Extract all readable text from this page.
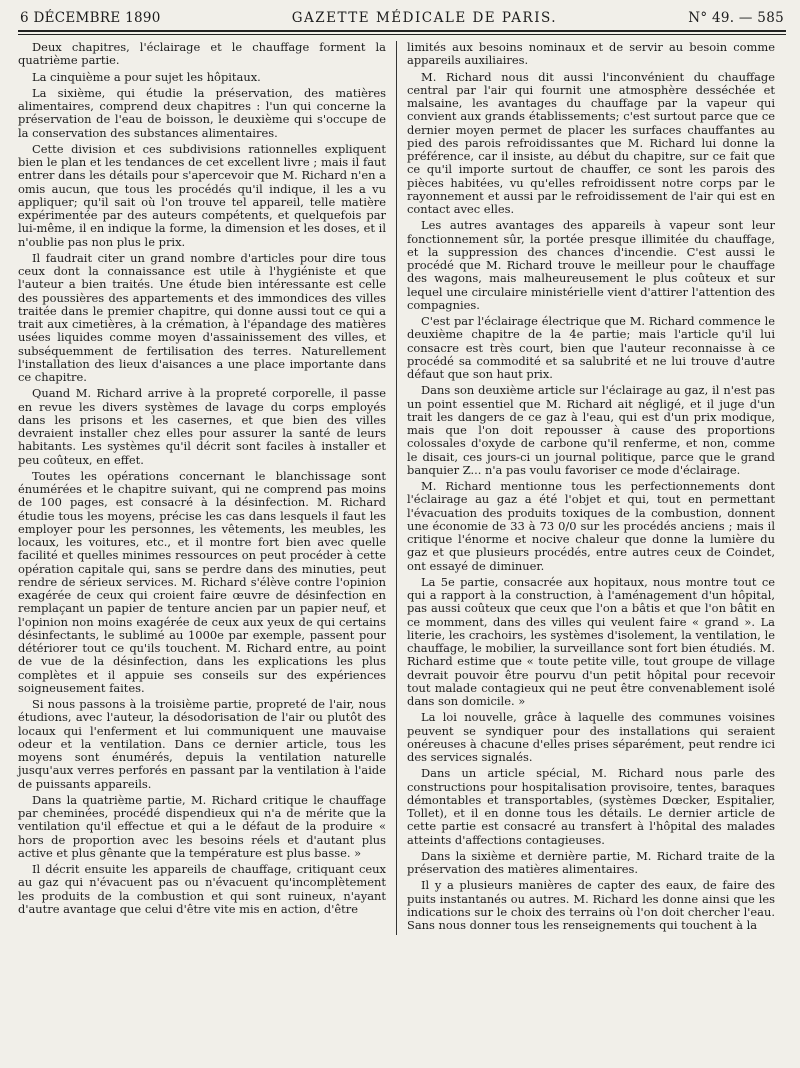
6 DÉCEMBRE 1890	GAZETTE MÉDICALE DE PARIS.	N° 49. — 585

Deux chapitres, l'éclairage et le chauffage forment la quatrième partie.

La cinquième a pour sujet les hôpitaux.

La sixième, qui étudie la préservation, des matières alimentaires, comprend deux chapitres : l'un qui concerne la préservation de l'eau de boisson, le deuxième qui s'occupe de la conservation des substances alimentaires.

Cette division et ces subdivisions rationnelles expliquent bien le plan et les tendances de cet excellent livre ; mais il faut entrer dans les détails pour s'apercevoir que M. Richard n'en a omis aucun, que tous les procédés qu'il indique, il les a vu appliquer; qu'il sait où l'on trouve tel appareil, telle matière expérimentée par des auteurs compétents, et quelquefois par lui-même, il en indique la forme, la dimension et les doses, et il n'oublie pas non plus le prix.

Il faudrait citer un grand nombre d'articles pour dire tous ceux dont la connaissance est utile à l'hygiéniste et que l'auteur a bien traités. Une étude bien intéressante est celle des poussières des appartements et des immondices des villes traitée dans le premier chapitre, qui donne aussi tout ce qui a trait aux cimetières, à la crémation, à l'épandage des matières usées liquides comme moyen d'assainissement des villes, et subséquemment de fertilisation des terres. Naturellement l'installation des lieux d'aisances a une place importante dans ce chapitre.

Quand M. Richard arrive à la propreté corporelle, il passe en revue les divers systèmes de lavage du corps employés dans les prisons et les casernes, et que bien des villes devraient installer chez elles pour assurer la santé de leurs habitants. Les systèmes qu'il décrit sont faciles à installer et peu coûteux, en effet.

Toutes les opérations concernant le blanchissage sont énumérées et le chapitre suivant, qui ne comprend pas moins de 100 pages, est consacré à la désinfection. M. Richard étudie tous les moyens, précise les cas dans lesquels il faut les employer pour les personnes, les vêtements, les meubles, les locaux, les voitures, etc., et il montre fort bien avec quelle facilité et quelles minimes ressources on peut procéder à cette opération capitale qui, sans se perdre dans des minuties, peut rendre de sérieux services. M. Richard s'élève contre l'opinion exagérée de ceux qui croient faire œuvre de désinfection en remplaçant un papier de tenture ancien par un papier neuf, et l'opinion non moins exagérée de ceux aux yeux de qui certains désinfectants, le sublimé au 1000e par exemple, passent pour détériorer tout ce qu'ils touchent. M. Richard entre, au point de vue de la désinfection, dans les explications les plus complètes et il appuie ses conseils sur des expériences soigneusement faites.

Si nous passons à la troisième partie, propreté de l'air, nous étudions, avec l'auteur, la désodorisation de l'air ou plutôt des locaux qui l'enferment et lui communiquent une mauvaise odeur et la ventilation. Dans ce dernier article, tous les moyens sont énumérés, depuis la ventilation naturelle jusqu'aux verres perforés en passant par la ventilation à l'aide de puissants appareils.

Dans la quatrième partie, M. Richard critique le chauffage par cheminées, procédé dispendieux qui n'a de mérite que la ventilation qu'il effectue et qui a le défaut de la produire « hors de proportion avec les besoins réels et d'autant plus active et plus gênante que la température est plus basse. »

Il décrit ensuite les appareils de chauffage, critiquant ceux au gaz qui n'évacuent pas ou n'évacuent qu'incomplètement les produits de la combustion et qui sont ruineux, n'ayant d'autre avantage que celui d'être vite mis en action, d'être

limités aux besoins nominaux et de servir au besoin comme appareils auxiliaires.

M. Richard nous dit aussi l'inconvénient du chauffage central par l'air qui fournit une atmosphère desséchée et malsaine, les avantages du chauffage par la vapeur qui convient aux grands établissements; c'est surtout parce que ce dernier moyen permet de placer les surfaces chauffantes au pied des parois refroidissantes que M. Richard lui donne la préférence, car il insiste, au début du chapitre, sur ce fait que ce qu'il importe surtout de chauffer, ce sont les parois des pièces habitées, vu qu'elles refroidissent notre corps par le rayonnement et aussi par le refroidissement de l'air qui est en contact avec elles.

Les autres avantages des appareils à vapeur sont leur fonctionnement sûr, la portée presque illimitée du chauffage, et la suppression des chances d'incendie. C'est aussi le procédé que M. Richard trouve le meilleur pour le chauffage des wagons, mais malheureusement le plus coûteux et sur lequel une circulaire ministérielle vient d'attirer l'attention des compagnies.

C'est par l'éclairage électrique que M. Richard commence le deuxième chapitre de la 4e partie; mais l'article qu'il lui consacre est très court, bien que l'auteur reconnaisse à ce procédé sa commodité et sa salubrité et ne lui trouve d'autre défaut que son haut prix.

Dans son deuxième article sur l'éclairage au gaz, il n'est pas un point essentiel que M. Richard ait négligé, et il juge d'un trait les dangers de ce gaz à l'eau, qui est d'un prix modique, mais que l'on doit repousser à cause des proportions colossales d'oxyde de carbone qu'il renferme, et non, comme le disait, ces jours-ci un journal politique, parce que le grand banquier Z... n'a pas voulu favoriser ce mode d'éclairage.

M. Richard mentionne tous les perfectionnements dont l'éclairage au gaz a été l'objet et qui, tout en permettant l'évacuation des produits toxiques de la combustion, donnent une économie de 33 à 73 0/0 sur les procédés anciens ; mais il critique l'énorme et nocive chaleur que donne la lumière du gaz et que plusieurs procédés, entre autres ceux de Coindet, ont essayé de diminuer.

La 5e partie, consacrée aux hopitaux, nous montre tout ce qui a rapport à la construction, à l'aménagement d'un hôpital, pas aussi coûteux que ceux que l'on a bâtis et que l'on bâtit en ce momment, dans des villes qui veulent faire « grand ». La literie, les crachoirs, les systèmes d'isolement, la ventilation, le chauffage, le mobilier, la surveillance sont fort bien étudiés. M. Richard estime que « toute petite ville, tout groupe de village devrait pouvoir être pourvu d'un petit hôpital pour recevoir tout malade contagieux qui ne peut être convenablement isolé dans son domicile. »

La loi nouvelle, grâce à laquelle des communes voisines peuvent se syndiquer pour des installations qui seraient onéreuses à chacune d'elles prises séparément, peut rendre ici des services signalés.

Dans un article spécial, M. Richard nous parle des constructions pour hospitalisation provisoire, tentes, baraques démontables et transportables, (systèmes Dœcker, Espitalier, Tollet), et il en donne tous les détails. Le dernier article de cette partie est consacré au transfert à l'hôpital des malades atteints d'affections contagieuses.

Dans la sixième et dernière partie, M. Richard traite de la préservation des matières alimentaires.

Il y a plusieurs manières de capter des eaux, de faire des puits instantanés ou autres. M. Richard les donne ainsi que les indications sur le choix des terrains où l'on doit chercher l'eau. Sans nous donner tous les renseignements qui touchent à la
